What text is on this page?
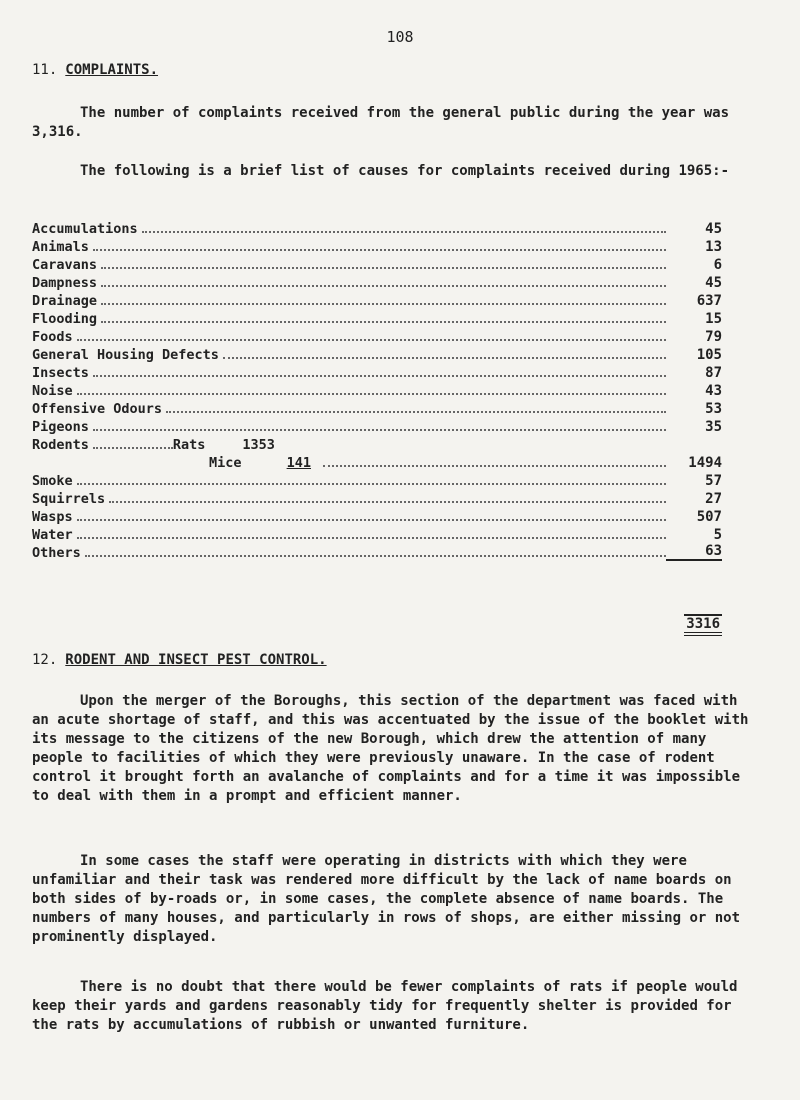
108
11. COMPLAINTS.

The number of complaints received from the general public during the year was 3,316.

The following is a brief list of causes for complaints received during 1965:-

Accumulations	45
Animals	13
Caravans	6
Dampness	45
Drainage	637
Flooding	15
Foods	79
General Housing Defects	105
Insects	87
Noise	43
Offensive Odours	53
Pigeons	35
Rodents	Rats	1353
Mice	141	1494
Smoke	57
Squirrels	27
Wasps	507
Water	5
Others	63
3316
12. RODENT AND INSECT PEST CONTROL.

Upon the merger of the Boroughs, this section of the department was faced with an acute shortage of staff, and this was accentuated by the issue of the booklet with its message to the citizens of the new Borough, which drew the attention of many people to facilities of which they were previously unaware. In the case of rodent control it brought forth an avalanche of complaints and for a time it was impossible to deal with them in a prompt and efficient manner.

In some cases the staff were operating in districts with which they were unfamiliar and their task was rendered more difficult by the lack of name boards on both sides of by-roads or, in some cases, the complete absence of name boards. The numbers of many houses, and particularly in rows of shops, are either missing or not prominently displayed.

There is no doubt that there would be fewer complaints of rats if people would keep their yards and gardens reasonably tidy for frequently shelter is provided for the rats by accumulations of rubbish or unwanted furniture.
